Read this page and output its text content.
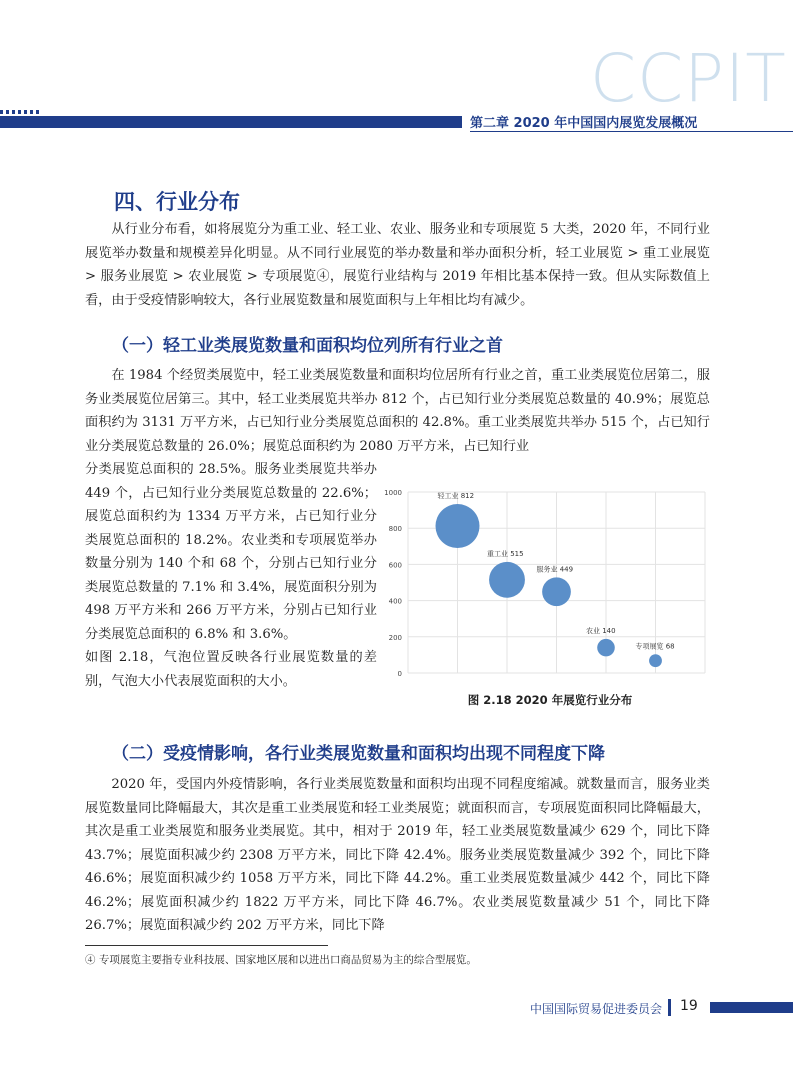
CCPIT
第二章 2020 年中国国内展览发展概况
四、行业分布

从行业分布看，如将展览分为重工业、轻工业、农业、服务业和专项展览 5 大类，2020 年，不同行业展览举办数量和规模差异化明显。从不同行业展览的举办数量和举办面积分析，轻工业展览 > 重工业展览 > 服务业展览 > 农业展览 > 专项展览④，展览行业结构与 2019 年相比基本保持一致。但从实际数值上看，由于受疫情影响较大，各行业展览数量和展览面积与上年相比均有减少。

（一）轻工业类展览数量和面积均位列所有行业之首

在 1984 个经贸类展览中，轻工业类展览数量和面积均位居所有行业之首，重工业类展览位居第二，服务业类展览位居第三。其中，轻工业类展览共举办 812 个，占已知行业分类展览总数量的 40.9%；展览总面积约为 3131 万平方米，占已知行业分类展览总面积的 42.8%。重工业类展览共举办 515 个，占已知行业分类展览总数量的 26.0%；展览总面积约为 2080 万平方米，占已知行业

分类展览总面积的 28.5%。服务业类展览共举办 449 个，占已知行业分类展览总数量的 22.6%；展览总面积约为 1334 万平方米，占已知行业分类展览总面积的 18.2%。农业类和专项展览举办数量分别为 140 个和 68 个，分别占已知行业分类展览总数量的 7.1% 和 3.4%，展览面积分别为 498 万平方米和 266 万平方米，分别占已知行业分类展览总面积的 6.8% 和 3.6%。

如图 2.18，气泡位置反映各行业展览数量的差别，气泡大小代表展览面积的大小。	0
200
400
600
800
1000	轻工业 812
重工业 515
服务业 449
农业 140
专项展览 68
图 2.18 2020 年展览行业分布
（二）受疫情影响，各行业类展览数量和面积均出现不同程度下降

2020 年，受国内外疫情影响，各行业类展览数量和面积均出现不同程度缩减。就数量而言，服务业类展览数量同比降幅最大，其次是重工业类展览和轻工业类展览；就面积而言，专项展览面积同比降幅最大，其次是重工业类展览和服务业类展览。其中，相对于 2019 年，轻工业类展览数量减少 629 个，同比下降 43.7%；展览面积减少约 2308 万平方米，同比下降 42.4%。服务业类展览数量减少 392 个，同比下降 46.6%；展览面积减少约 1058 万平方米，同比下降 44.2%。重工业类展览数量减少 442 个，同比下降 46.2%；展览面积减少约 1822 万平方米，同比下降 46.7%。农业类展览数量减少 51 个，同比下降 26.7%；展览面积减少约 202 万平方米，同比下降

④ 专项展览主要指专业科技展、国家地区展和以进出口商品贸易为主的综合型展览。
中国国际贸易促进委员会 19
